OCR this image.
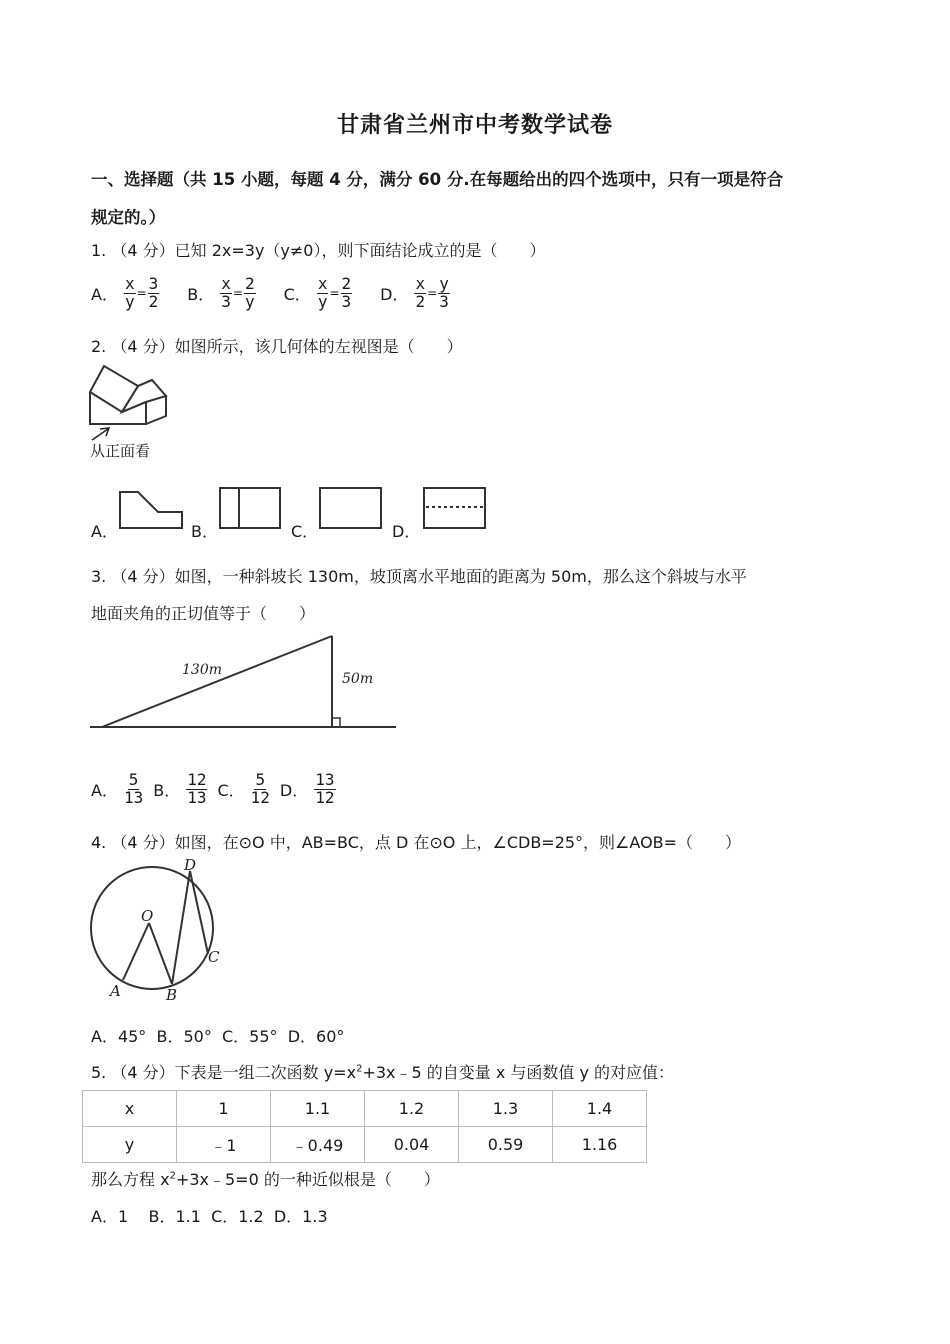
甘肃省兰州市中考数学试卷
一、选择题（共 15 小题，每题 4 分，满分 60 分.在每题给出的四个选项中，只有一项是符合
规定的。）
1. （4 分）已知 2x=3y（y≠0），则下面结论成立的是（　　）
A． $\frac{x}{y} = \frac{3}{2}$ B． $\frac{x}{3} = \frac{2}{y}$ C． $\frac{x}{y} = \frac{2}{3}$ D． $\frac{x}{2} = \frac{y}{3}$
2. （4 分）如图所示，该几何体的左视图是（　　）
从正面看
A．	B．	C．	D．
3. （4 分）如图，一种斜坡长 130m，坡顶离水平地面的距离为 50m，那么这个斜坡与水平
地面夹角的正切值等于（　　）
130m
50m
A． $\frac{5}{13}$ B． $\frac{12}{13}$ C． $\frac{5}{12}$ D． $\frac{13}{12}$
4. （4 分）如图，在⊙O 中，AB=BC，点 D 在⊙O 上，∠CDB=25°，则∠AOB=（　　）
O
A	B
C
D
A．45°  B．50°  C．55°  D．60°
5. （4 分）下表是一组二次函数 $y=x^2+3x﹣5$ 的自变量 x 与函数值 y 的对应值：
x	1	1.1	1.2	1.3	1.4
y	﹣1	﹣0.49	0.04	0.59	1.16
那么方程 $x^2+3x﹣5=0$ 的一种近似根是（　　）
A．1    B．1.1  C．1.2  D．1.3
